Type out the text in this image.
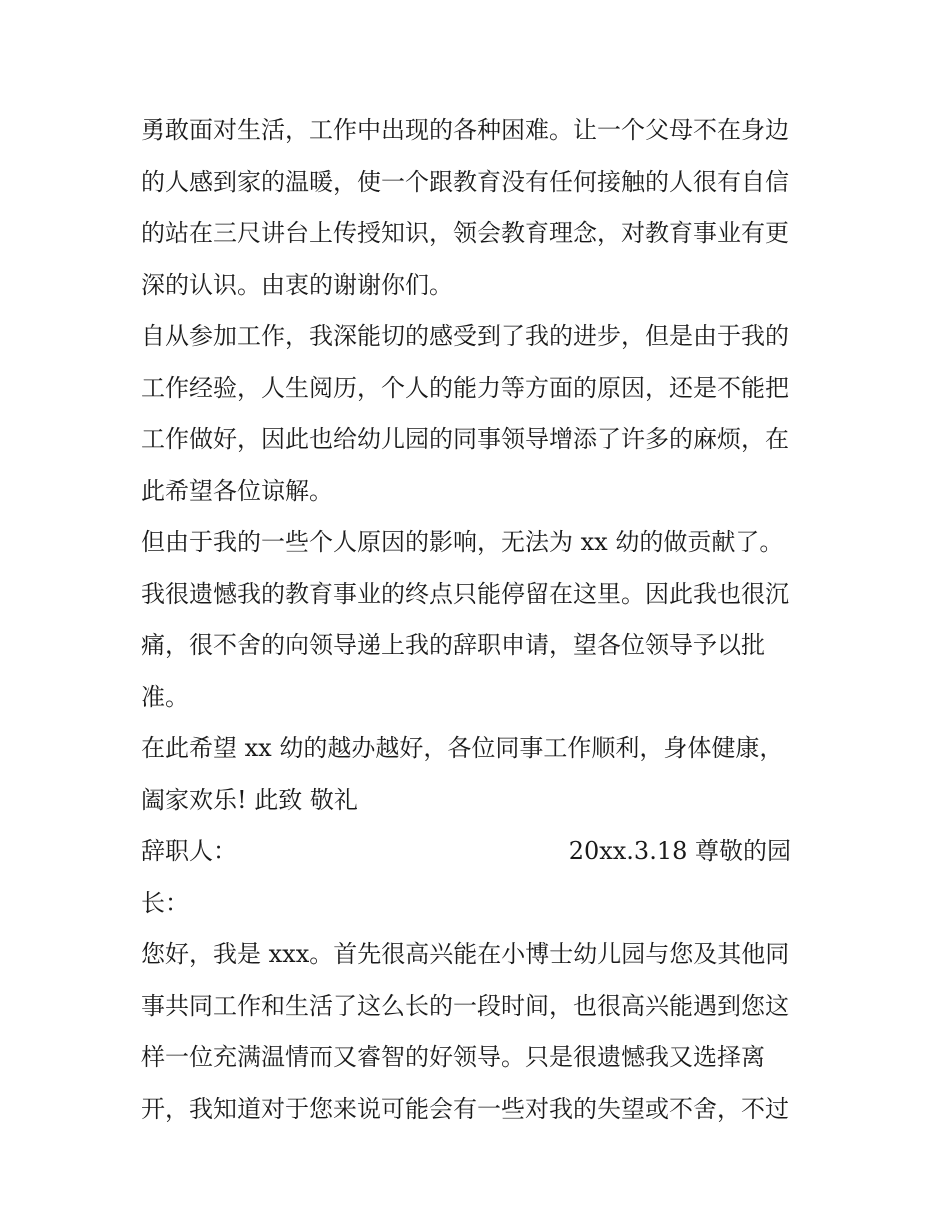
勇敢面对生活，工作中出现的各种困难。让一个父母不在身边
的人感到家的温暖，使一个跟教育没有任何接触的人很有自信
的站在三尺讲台上传授知识，领会教育理念，对教育事业有更
深的认识。由衷的谢谢你们。
自从参加工作，我深能切的感受到了我的进步，但是由于我的
工作经验，人生阅历，个人的能力等方面的原因，还是不能把
工作做好，因此也给幼儿园的同事领导增添了许多的麻烦，在
此希望各位谅解。
但由于我的一些个人原因的影响，无法为 xx 幼的做贡献了。
我很遗憾我的教育事业的终点只能停留在这里。因此我也很沉
痛，很不舍的向领导递上我的辞职申请，望各位领导予以批
准。
在此希望 xx 幼的越办越好，各位同事工作顺利，身体健康，
阖家欢乐! 此致 敬礼
辞职人：	20xx.3.18 尊敬的园
长：
您好，我是 xxx。首先很高兴能在小博士幼儿园与您及其他同
事共同工作和生活了这么长的一段时间，也很高兴能遇到您这
样一位充满温情而又睿智的好领导。只是很遗憾我又选择离
开，我知道对于您来说可能会有一些对我的失望或不舍，不过
